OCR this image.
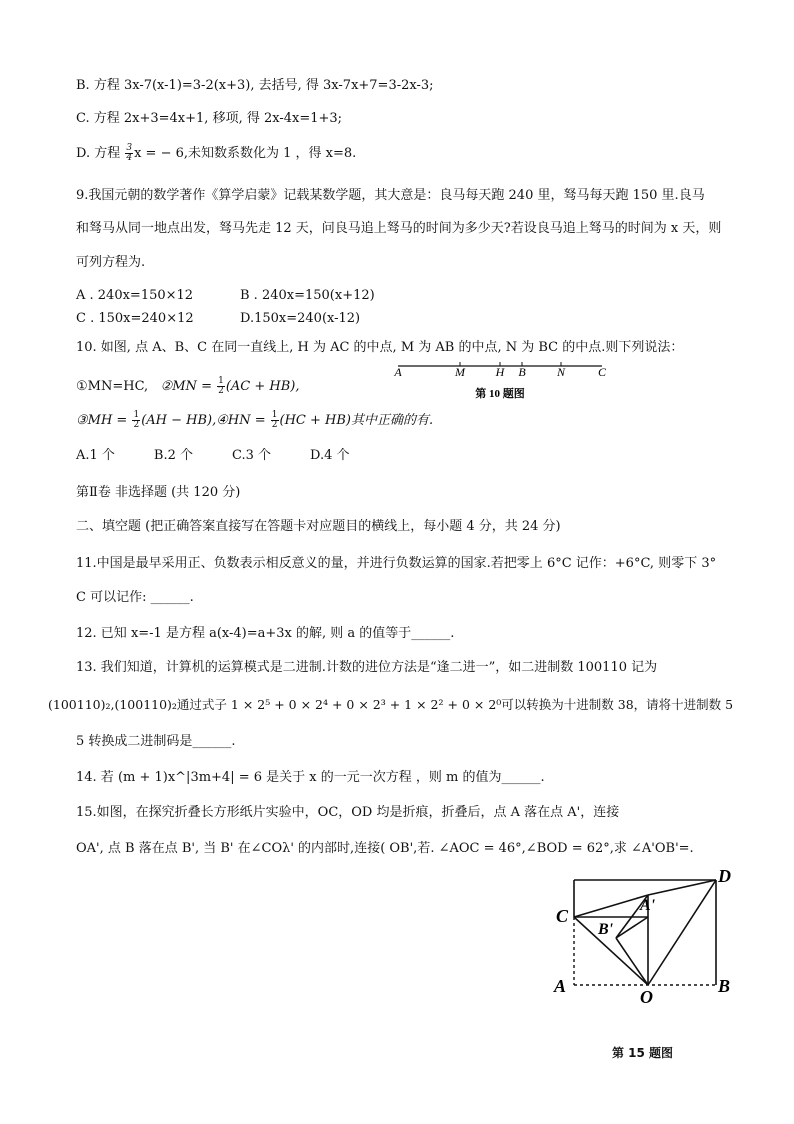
B. 方程 3x-7(x-1)=3-2(x+3), 去括号, 得 3x-7x+7=3-2x-3;
C. 方程 2x+3=4x+1, 移项, 得 2x-4x=1+3;
D. 方程 $\frac{3}{4}$ x = − 6,未知数系数化为 1 ，得 x=8.
9.我国元朝的数学著作《算学启蒙》记载某数学题，其大意是：良马每天跑 240 里，驽马每天跑 150 里.良马
和驽马从同一地点出发，驽马先走 12 天，问良马追上驽马的时间为多少天?若设良马追上驽马的时间为 x 天，则
可列方程为.
A . 240x=150×12	B . 240x=150(x+12)
C . 150x=240×12	D.150x=240(x-12)
10. 如图, 点 A、B、C 在同一直线上, H 为 AC 的中点, M 为 AB 的中点, N 为 BC 的中点.则下列说法：
①MN=HC, ②MN = $\frac{1}{2} (AC + HB)$,
③MH = $\frac{1}{2} (AH$ − HB),④HN = $\frac{1}{2} (HC + HB)$其中正确的有.
A	M	H B	N	C
第 10 题图
A.1 个　　　B.2 个　　　C.3 个　　　D.4 个
第Ⅱ卷 非选择题 (共 120 分)
二、填空题 (把正确答案直接写在答题卡对应题目的横线上，每小题 4 分，共 24 分)
11.中国是最早采用正、负数表示相反意义的量，并进行负数运算的国家.若把零上 6°C 记作：+6°C, 则零下 3°
C 可以记作: ______.
12. 已知 x=-1 是方程 a(x-4)=a+3x 的解, 则 a 的值等于______.
13. 我们知道，计算机的运算模式是二进制.计数的进位方法是“逢二进一”，如二进制数 100110 记为
(100110)₂,(100110)₂通过式子 1 × 2⁵ + 0 × 2⁴ + 0 × 2³ + 1 × 2² + 0 × 2⁰可以转换为十进制数 38，请将十进制数 5
5 转换成二进制码是______.
14. 若 (m + 1)x^|3m+4| = 6 是关于 x 的一元一次方程 ，则 m 的值为______.
15.如图，在探究折叠长方形纸片实验中，OC，OD 均是折痕，折叠后，点 A 落在点 A'，连接
OA', 点 B 落在点 B', 当 B' 在∠COλ' 的内部时,连接( OB',若. ∠AOC = 46°,∠BOD = 62°,求 ∠A'OB'=.
D
C
A'
B'
A
O
B
第 15 题图
